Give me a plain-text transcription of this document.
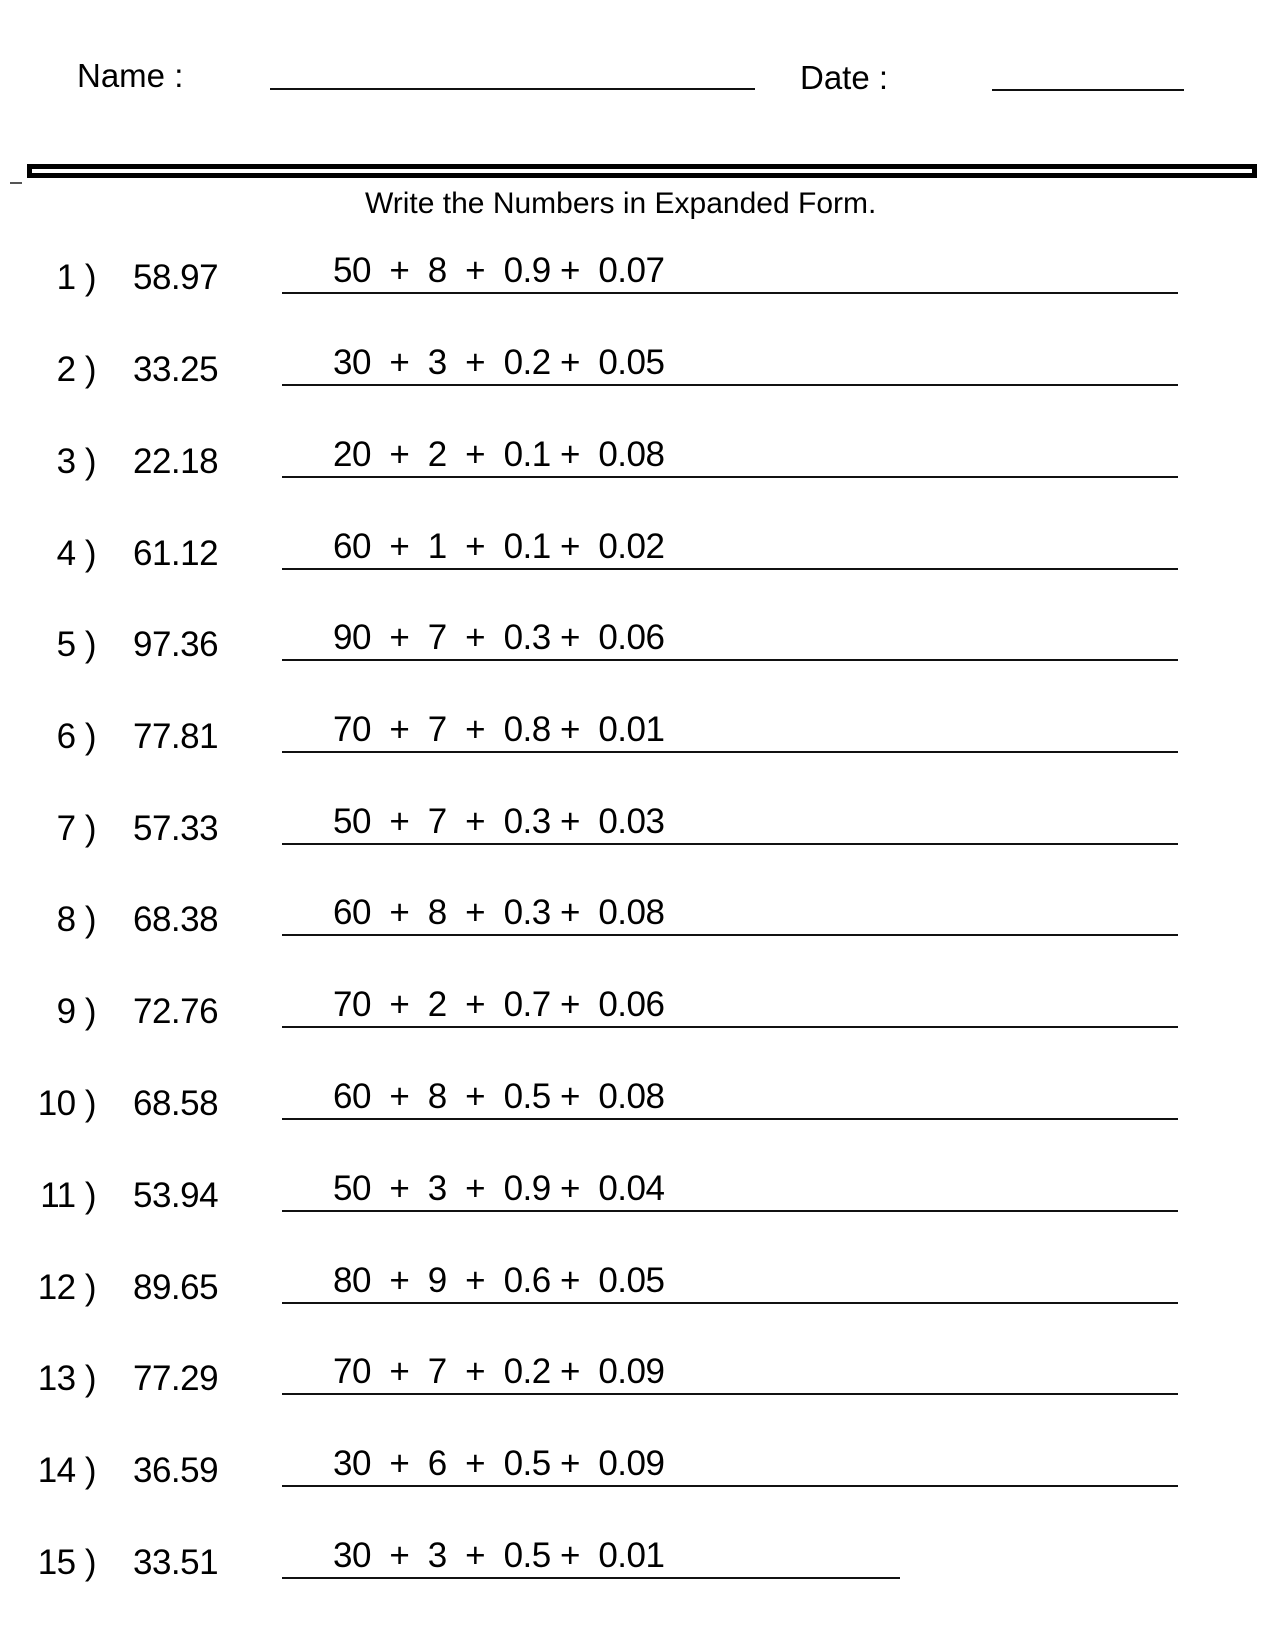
Name :	Date :
Write the Numbers in Expanded Form.
1 ) 58.97	50  +  8  +  0.9 +  0.07
2 ) 33.25	30  +  3  +  0.2 +  0.05
3 ) 22.18	20  +  2  +  0.1 +  0.08
4 ) 61.12	60  +  1  +  0.1 +  0.02
5 ) 97.36	90  +  7  +  0.3 +  0.06
6 ) 77.81	70  +  7  +  0.8 +  0.01
7 ) 57.33	50  +  7  +  0.3 +  0.03
8 ) 68.38	60  +  8  +  0.3 +  0.08
9 ) 72.76	70  +  2  +  0.7 +  0.06
10 ) 68.58	60  +  8  +  0.5 +  0.08
11 ) 53.94	50  +  3  +  0.9 +  0.04
12 ) 89.65	80  +  9  +  0.6 +  0.05
13 ) 77.29	70  +  7  +  0.2 +  0.09
14 ) 36.59	30  +  6  +  0.5 +  0.09
15 ) 33.51	30  +  3  +  0.5 +  0.01
